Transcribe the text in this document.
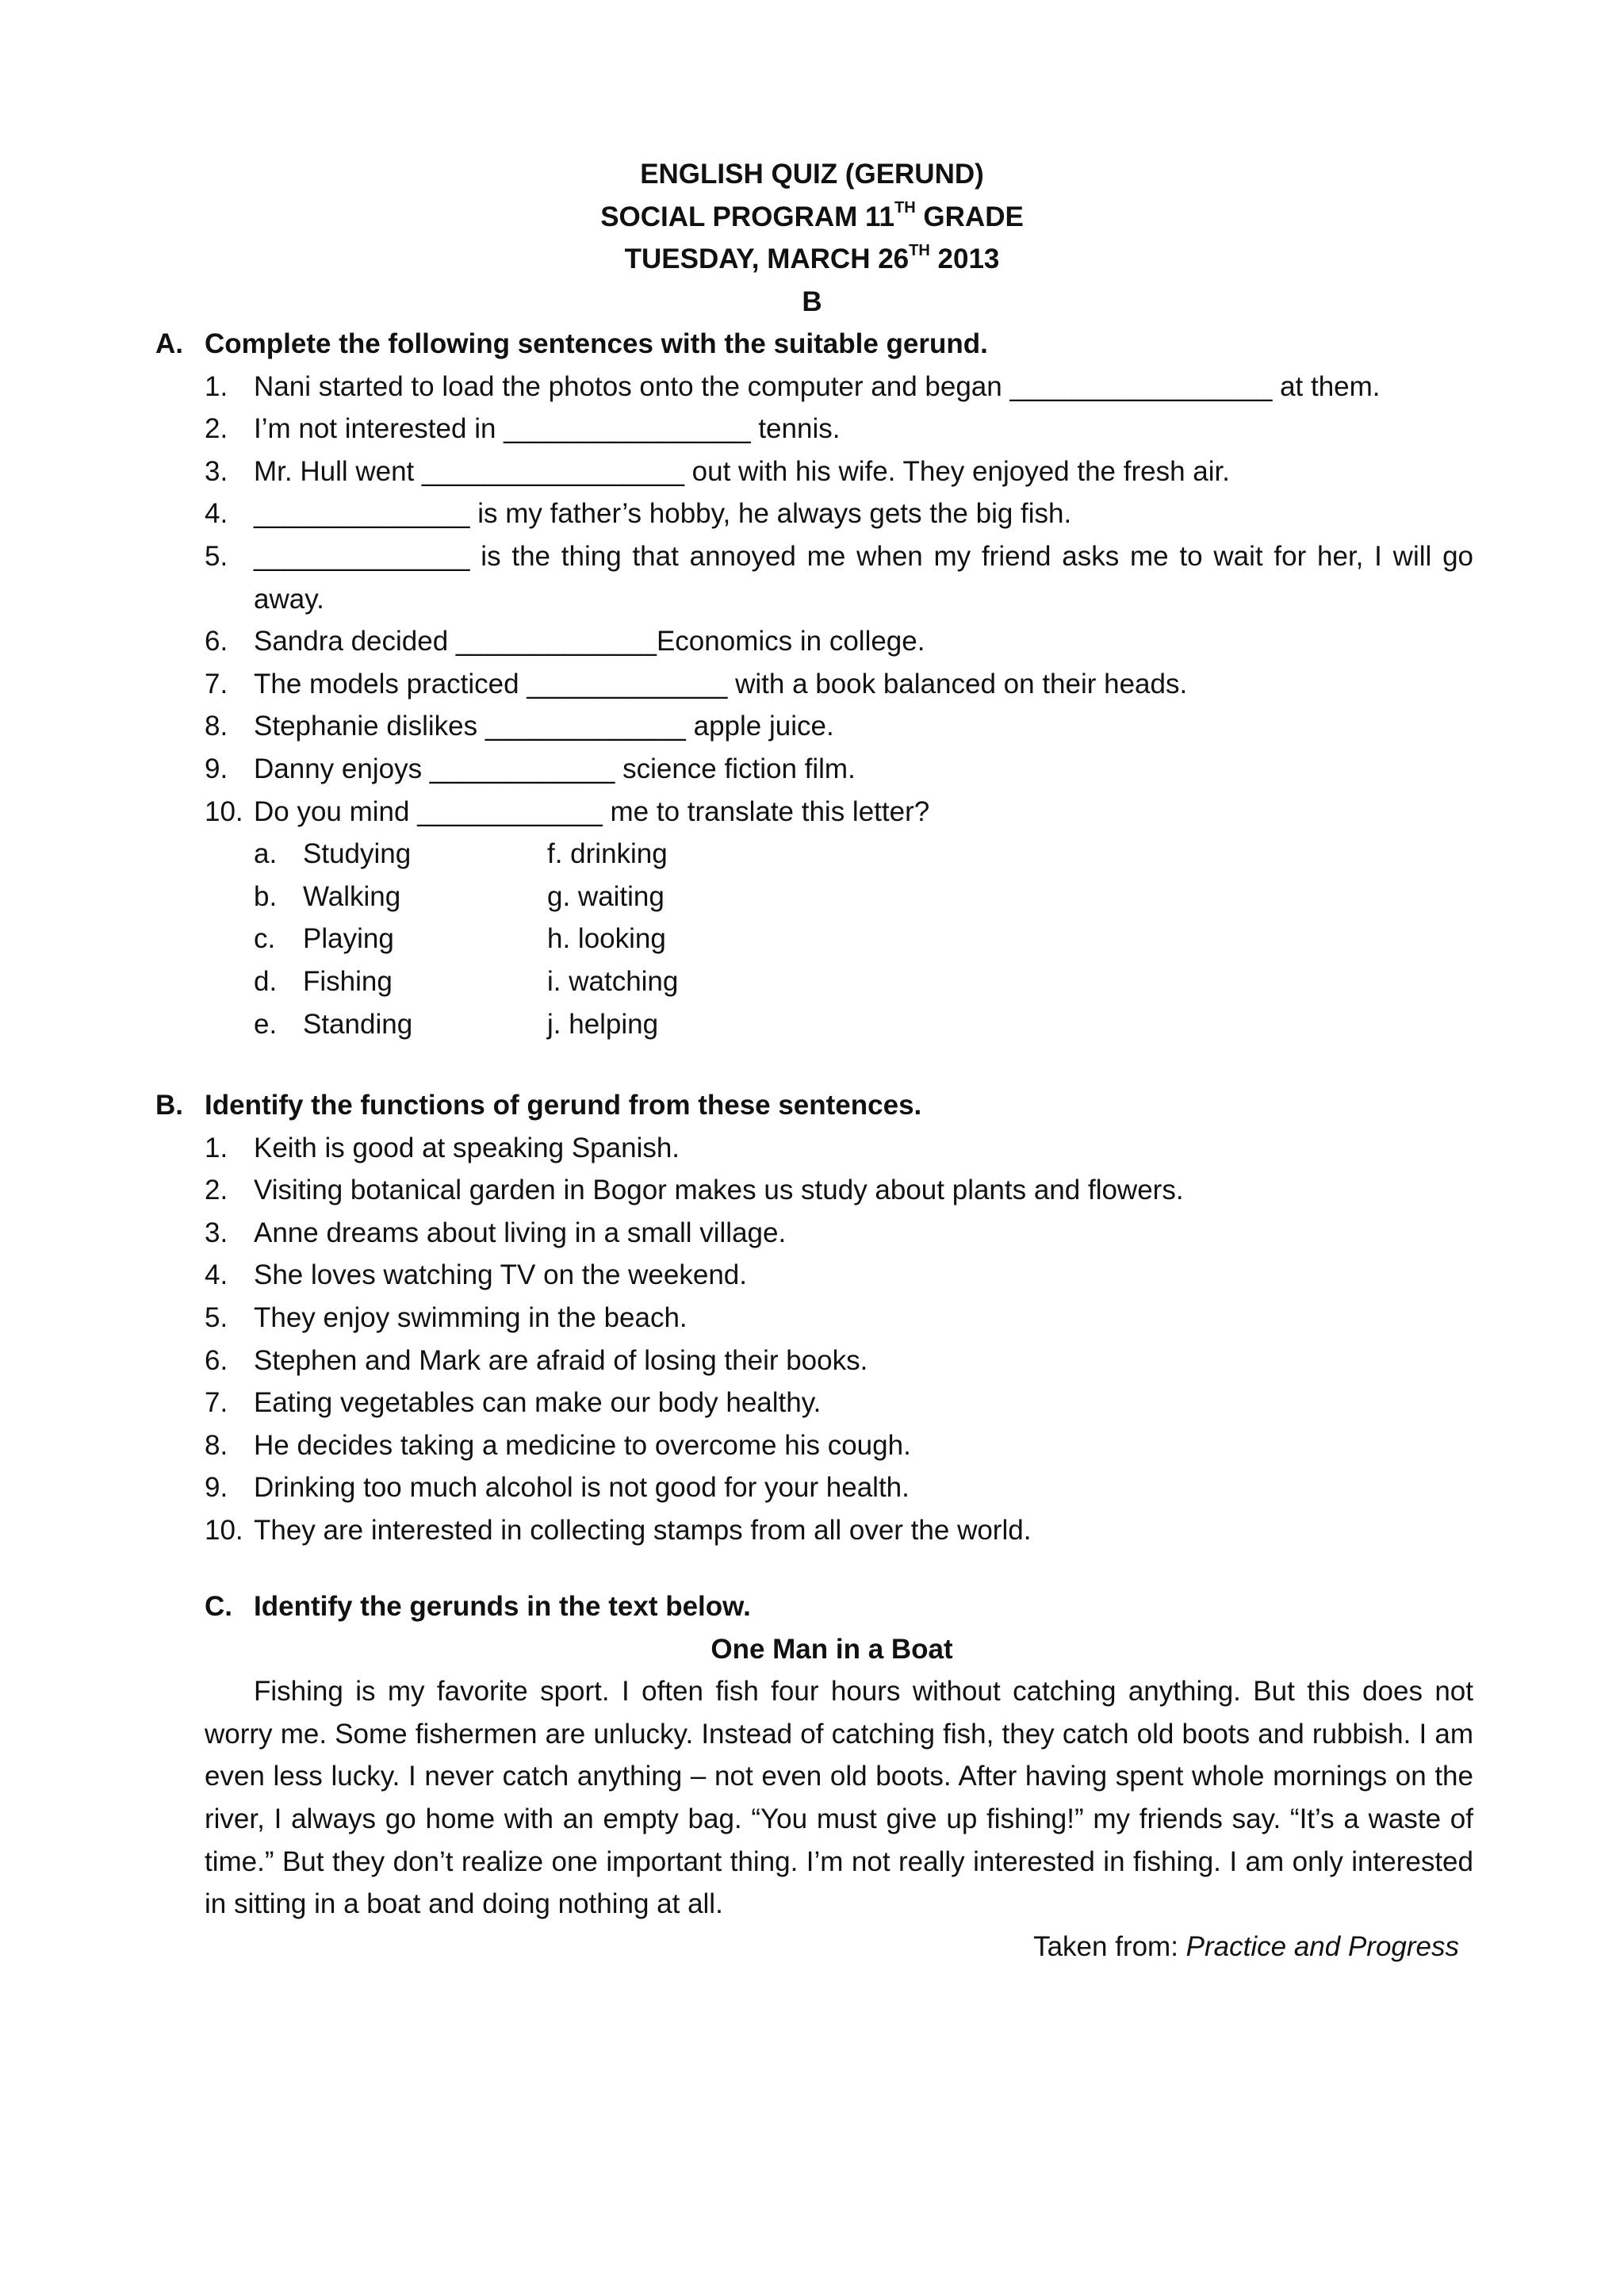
ENGLISH QUIZ (GERUND)
SOCIAL PROGRAM 11TH GRADE
TUESDAY, MARCH 26TH 2013
B
A. Complete the following sentences with the suitable gerund.
1. Nani started to load the photos onto the computer and began _________________ at them.
2. I’m not interested in ________________ tennis.
3. Mr. Hull went _________________ out with his wife. They enjoyed the fresh air.
4. ______________ is my father’s hobby, he always gets the big fish.
5. ______________ is the thing that annoyed me when my friend asks me to wait for her, I will go away.
6. Sandra decided _____________Economics in college.
7. The models practiced _____________ with a book balanced on their heads.
8. Stephanie dislikes _____________ apple juice.
9. Danny enjoys ____________ science fiction film.
10. Do you mind ____________ me to translate this letter?
a. Studying	f. drinking
b. Walking	g. waiting
c. Playing	h. looking
d. Fishing	i. watching
e. Standing	j. helping
B. Identify the functions of gerund from these sentences.
1. Keith is good at speaking Spanish.
2. Visiting botanical garden in Bogor makes us study about plants and flowers.
3. Anne dreams about living in a small village.
4. She loves watching TV on the weekend.
5. They enjoy swimming in the beach.
6. Stephen and Mark are afraid of losing their books.
7. Eating vegetables can make our body healthy.
8. He decides taking a medicine to overcome his cough.
9. Drinking too much alcohol is not good for your health.
10. They are interested in collecting stamps from all over the world.
C. Identify the gerunds in the text below.
One Man in a Boat
Fishing is my favorite sport. I often fish four hours without catching anything. But this does not worry me. Some fishermen are unlucky. Instead of catching fish, they catch old boots and rubbish. I am even less lucky. I never catch anything – not even old boots. After having spent whole mornings on the river, I always go home with an empty bag. “You must give up fishing!” my friends say. “It’s a waste of time.” But they don’t realize one important thing. I’m not really interested in fishing. I am only interested in sitting in a boat and doing nothing at all.
Taken from: Practice and Progress
